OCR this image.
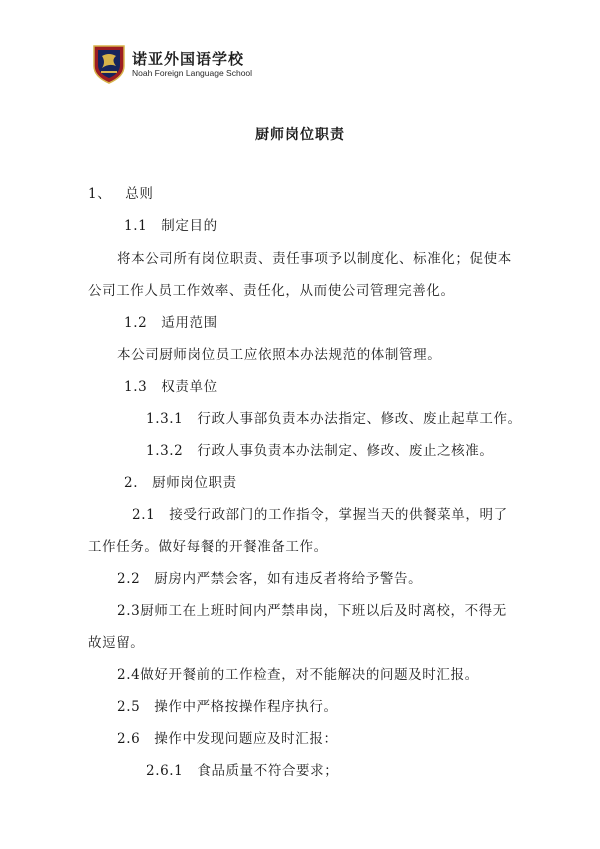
诺亚外国语学校
Noah Foreign Language School
厨师岗位职责
1、 总则
1.1 制定目的
将本公司所有岗位职责、责任事项予以制度化、标准化；促使本
公司工作人员工作效率、责任化，从而使公司管理完善化。
1.2 适用范围
本公司厨师岗位员工应依照本办法规范的体制管理。
1.3 权责单位
1.3.1 行政人事部负责本办法指定、修改、废止起草工作。
1.3.2 行政人事负责本办法制定、修改、废止之核准。
2. 厨师岗位职责
2.1 接受行政部门的工作指令，掌握当天的供餐菜单，明了
工作任务。做好每餐的开餐准备工作。
2.2 厨房内严禁会客，如有违反者将给予警告。
2.3厨师工在上班时间内严禁串岗，下班以后及时离校，不得无
故逗留。
2.4做好开餐前的工作检查，对不能解决的问题及时汇报。
2.5 操作中严格按操作程序执行。
2.6 操作中发现问题应及时汇报：
2.6.1 食品质量不符合要求；
